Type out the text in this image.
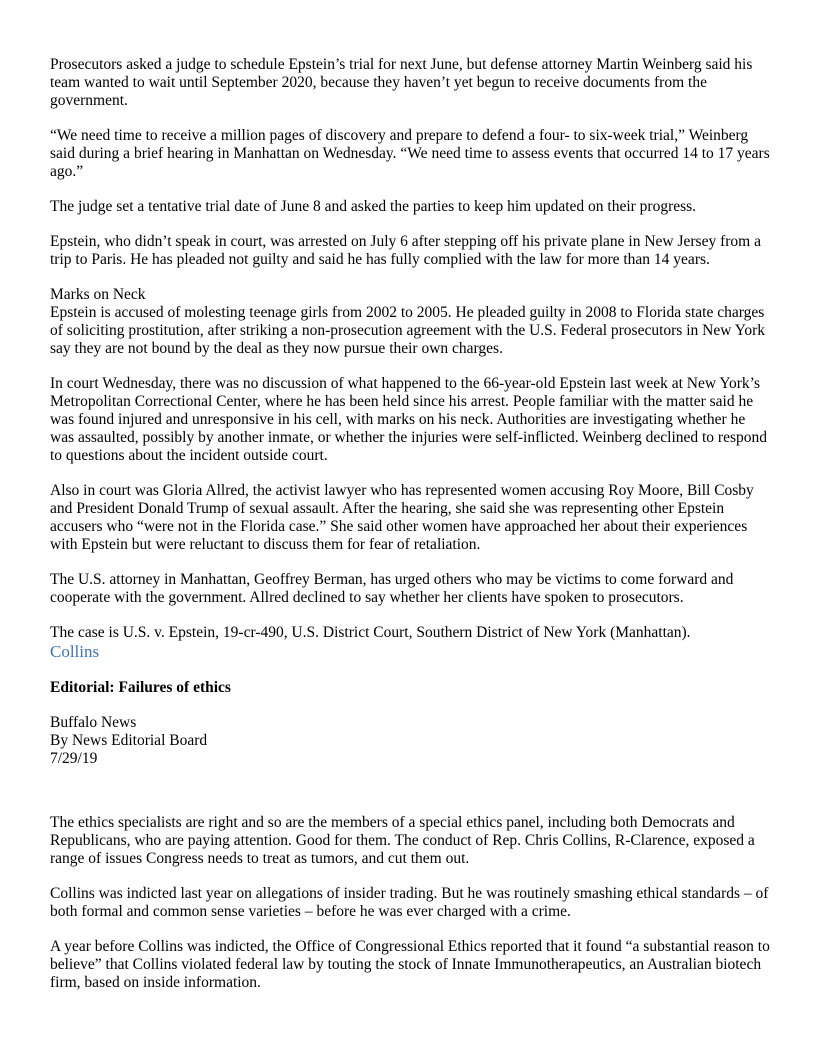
Prosecutors asked a judge to schedule Epstein’s trial for next June, but defense attorney Martin Weinberg said his team wanted to wait until September 2020, because they haven’t yet begun to receive documents from the government.

“We need time to receive a million pages of discovery and prepare to defend a four- to six-week trial,” Weinberg said during a brief hearing in Manhattan on Wednesday. “We need time to assess events that occurred 14 to 17 years ago.”

The judge set a tentative trial date of June 8 and asked the parties to keep him updated on their progress.

Epstein, who didn’t speak in court, was arrested on July 6 after stepping off his private plane in New Jersey from a trip to Paris. He has pleaded not guilty and said he has fully complied with the law for more than 14 years.

Marks on Neck

Epstein is accused of molesting teenage girls from 2002 to 2005. He pleaded guilty in 2008 to Florida state charges of soliciting prostitution, after striking a non-prosecution agreement with the U.S. Federal prosecutors in New York say they are not bound by the deal as they now pursue their own charges.

In court Wednesday, there was no discussion of what happened to the 66-year-old Epstein last week at New York’s Metropolitan Correctional Center, where he has been held since his arrest. People familiar with the matter said he was found injured and unresponsive in his cell, with marks on his neck. Authorities are investigating whether he was assaulted, possibly by another inmate, or whether the injuries were self-inflicted. Weinberg declined to respond to questions about the incident outside court.

Also in court was Gloria Allred, the activist lawyer who has represented women accusing Roy Moore, Bill Cosby and President Donald Trump of sexual assault. After the hearing, she said she was representing other Epstein accusers who “were not in the Florida case.” She said other women have approached her about their experiences with Epstein but were reluctant to discuss them for fear of retaliation.

The U.S. attorney in Manhattan, Geoffrey Berman, has urged others who may be victims to come forward and cooperate with the government. Allred declined to say whether her clients have spoken to prosecutors.

The case is U.S. v. Epstein, 19-cr-490, U.S. District Court, Southern District of New York (Manhattan).
Collins
Editorial: Failures of ethics
Buffalo News
By News Editorial Board
7/29/19

The ethics specialists are right and so are the members of a special ethics panel, including both Democrats and Republicans, who are paying attention. Good for them. The conduct of Rep. Chris Collins, R-Clarence, exposed a range of issues Congress needs to treat as tumors, and cut them out.

Collins was indicted last year on allegations of insider trading. But he was routinely smashing ethical standards – of both formal and common sense varieties – before he was ever charged with a crime.

A year before Collins was indicted, the Office of Congressional Ethics reported that it found “a substantial reason to believe” that Collins violated federal law by touting the stock of Innate Immunotherapeutics, an Australian biotech firm, based on inside information.
